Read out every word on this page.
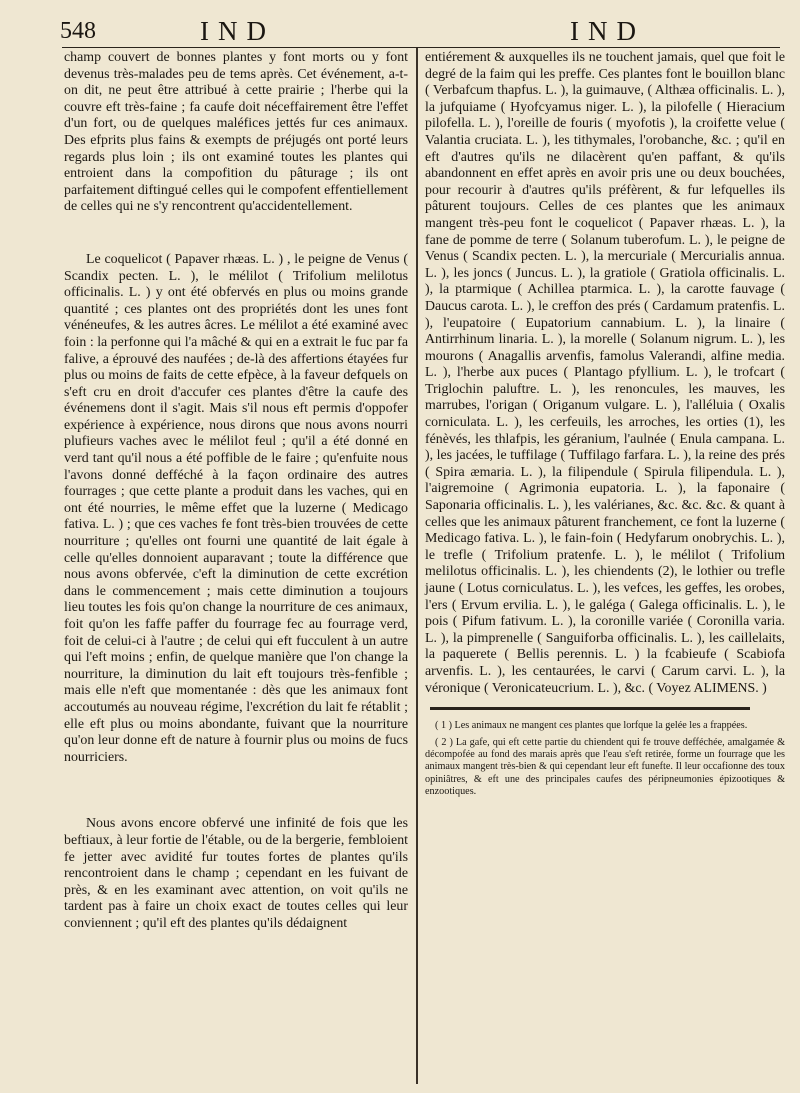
548	IND	IND

champ couvert de bonnes plantes y font morts ou y font devenus très-malades peu de tems après. Cet événement, a-t-on dit, ne peut être attribué à cette prairie ; l'herbe qui la couvre eft très-faine ; fa caufe doit néceffairement être l'effet d'un fort, ou de quelques maléfices jettés fur ces animaux. Des efprits plus fains & exempts de préjugés ont porté leurs regards plus loin ; ils ont examiné toutes les plantes qui entroient dans la compofition du pâturage ; ils ont parfaitement diftingué celles qui le compofent effentiellement de celles qui ne s'y rencontrent qu'accidentellement.

Le coquelicot ( Papaver rhæas. L. ) , le peigne de Venus ( Scandix pecten. L. ), le mélilot ( Trifolium melilotus officinalis. L. ) y ont été obfervés en plus ou moins grande quantité ; ces plantes ont des propriétés dont les unes font vénéneufes, & les autres âcres. Le mélilot a été examiné avec foin : la perfonne qui l'a mâché & qui en a extrait le fuc par fa falive, a éprouvé des naufées ; de-là des affertions étayées fur plus ou moins de faits de cette efpèce, à la faveur defquels on s'eft cru en droit d'accufer ces plantes d'être la caufe des événemens dont il s'agit. Mais s'il nous eft permis d'oppofer expérience à expérience, nous dirons que nous avons nourri plufieurs vaches avec le mélilot feul ; qu'il a été donné en verd tant qu'il nous a été poffible de le faire ; qu'enfuite nous l'avons donné defféché à la façon ordinaire des autres fourrages ; que cette plante a produit dans les vaches, qui en ont été nourries, le même effet que la luzerne ( Medicago fativa. L. ) ; que ces vaches fe font très-bien trouvées de cette nourriture ; qu'elles ont fourni une quantité de lait égale à celle qu'elles donnoient auparavant ; toute la différence que nous avons obfervée, c'eft la diminution de cette excrétion dans le commencement ; mais cette diminution a toujours lieu toutes les fois qu'on change la nourriture de ces animaux, foit qu'on les faffe paffer du fourrage fec au fourrage verd, foit de celui-ci à l'autre ; de celui qui eft fucculent à un autre qui l'eft moins ; enfin, de quelque manière que l'on change la nourriture, la diminution du lait eft toujours très-fenfible ; mais elle n'eft que momentanée : dès que les animaux font accoutumés au nouveau régime, l'excrétion du lait fe rétablit ; elle eft plus ou moins abondante, fuivant que la nourriture qu'on leur donne eft de nature à fournir plus ou moins de fucs nourriciers.

Nous avons encore obfervé une infinité de fois que les beftiaux, à leur fortie de l'étable, ou de la bergerie, fembloient fe jetter avec avidité fur toutes fortes de plantes qu'ils rencontroient dans le champ ; cependant en les fuivant de près, & en les examinant avec attention, on voit qu'ils ne tardent pas à faire un choix exact de toutes celles qui leur conviennent ; qu'il eft des plantes qu'ils dédaignent

entiérement & auxquelles ils ne touchent jamais, quel que foit le degré de la faim qui les preffe. Ces plantes font le bouillon blanc ( Verbafcum thapfus. L. ), la guimauve, ( Althæa officinalis. L. ), la jufquiame ( Hyofcyamus niger. L. ), la pilofelle ( Hieracium pilofella. L. ), l'oreille de fouris ( myofotis ), la croifette velue ( Valantia cruciata. L. ), les tithymales, l'orobanche, &c. ; qu'il en eft d'autres qu'ils ne dilacèrent qu'en paffant, & qu'ils abandonnent en effet après en avoir pris une ou deux bouchées, pour recourir à d'autres qu'ils préfèrent, & fur lefquelles ils pâturent toujours. Celles de ces plantes que les animaux mangent très-peu font le coquelicot ( Papaver rhæas. L. ), la fane de pomme de terre ( Solanum tuberofum. L. ), le peigne de Venus ( Scandix pecten. L. ), la mercuriale ( Mercurialis annua. L. ), les joncs ( Juncus. L. ), la gratiole ( Gratiola officinalis. L. ), la ptarmique ( Achillea ptarmica. L. ), la carotte fauvage ( Daucus carota. L. ), le creffon des prés ( Cardamum pratenfis. L. ), l'eupatoire ( Eupatorium cannabium. L. ), la linaire ( Antirrhinum linaria. L. ), la morelle ( Solanum nigrum. L. ), les mourons ( Anagallis arvenfis, famolus Valerandi, alfine media. L. ), l'herbe aux puces ( Plantago pfyllium. L. ), le trofcart ( Triglochin paluftre. L. ), les renoncules, les mauves, les marrubes, l'origan ( Origanum vulgare. L. ), l'alléluia ( Oxalis corniculata. L. ), les cerfeuils, les arroches, les orties (1), les fénèvés, les thlafpis, les géranium, l'aulnée ( Enula campana. L. ), les jacées, le tuffilage ( Tuffilago farfara. L. ), la reine des prés ( Spira æmaria. L. ), la filipendule ( Spirula filipendula. L. ), l'aigremoine ( Agrimonia eupatoria. L. ), la faponaire ( Saponaria officinalis. L. ), les valérianes, &c. &c. &c. & quant à celles que les animaux pâturent franchement, ce font la luzerne ( Medicago fativa. L. ), le fain-foin ( Hedyfarum onobrychis. L. ), le trefle ( Trifolium pratenfe. L. ), le mélilot ( Trifolium melilotus officinalis. L. ), les chiendents (2), le lothier ou trefle jaune ( Lotus corniculatus. L. ), les vefces, les geffes, les orobes, l'ers ( Ervum ervilia. L. ), le galéga ( Galega officinalis. L. ), le pois ( Pifum fativum. L. ), la coronille variée ( Coronilla varia. L. ), la pimprenelle ( Sanguiforba officinalis. L. ), les caillelaits, la paquerete ( Bellis perennis. L. ) la fcabieufe ( Scabiofa arvenfis. L. ), les centaurées, le carvi ( Carum carvi. L. ), la véronique ( Veronicateucrium. L. ), &c. ( Voyez ALIMENS. )

( 1 ) Les animaux ne mangent ces plantes que lorfque la gelée les a frappées.

( 2 ) La gafe, qui eft cette partie du chiendent qui fe trouve defféchée, amalgamée & décompofée au fond des marais après que l'eau s'eft retirée, forme un fourrage que les animaux mangent très-bien & qui cependant leur eft funefte. Il leur occafionne des toux opiniâtres, & eft une des principales caufes des péripneumonies épizootiques & enzootiques.
